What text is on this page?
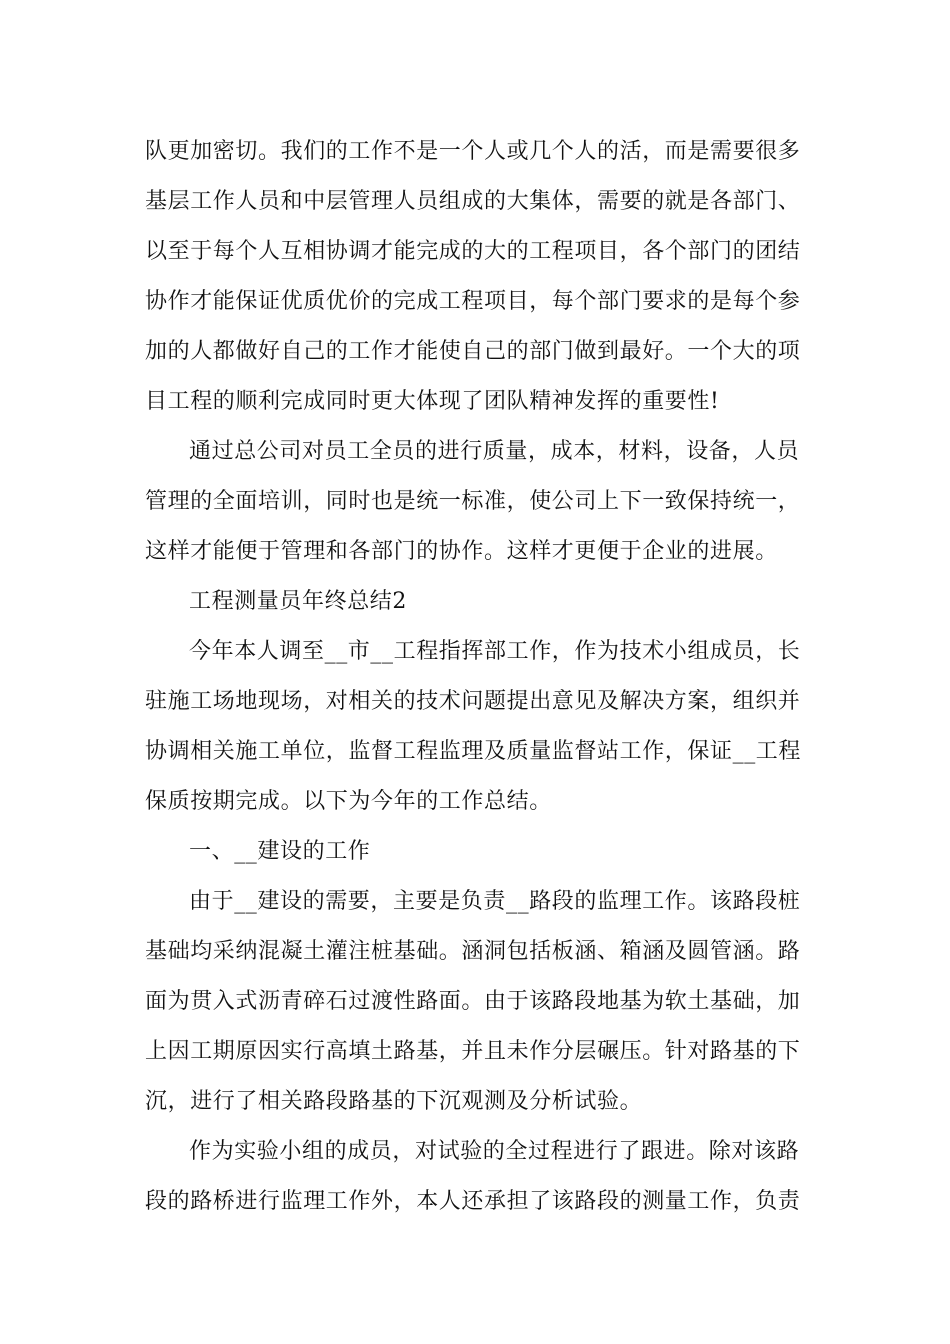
队更加密切。我们的工作不是一个人或几个人的活，而是需要很多
基层工作人员和中层管理人员组成的大集体，需要的就是各部门、
以至于每个人互相协调才能完成的大的工程项目，各个部门的团结
协作才能保证优质优价的完成工程项目，每个部门要求的是每个参
加的人都做好自己的工作才能使自己的部门做到最好。一个大的项
目工程的顺利完成同时更大体现了团队精神发挥的重要性!
通过总公司对员工全员的进行质量，成本，材料，设备，人员
管理的全面培训，同时也是统一标准，使公司上下一致保持统一，
这样才能便于管理和各部门的协作。这样才更便于企业的进展。
工程测量员年终总结2
今年本人调至__市__工程指挥部工作，作为技术小组成员，长
驻施工场地现场，对相关的技术问题提出意见及解决方案，组织并
协调相关施工单位，监督工程监理及质量监督站工作，保证__工程
保质按期完成。以下为今年的工作总结。
一、__建设的工作
由于__建设的需要，主要是负责__路段的监理工作。该路段桩
基础均采纳混凝土灌注桩基础。涵洞包括板涵、箱涵及圆管涵。路
面为贯入式沥青碎石过渡性路面。由于该路段地基为软土基础，加
上因工期原因实行高填土路基，并且未作分层碾压。针对路基的下
沉，进行了相关路段路基的下沉观测及分析试验。
作为实验小组的成员，对试验的全过程进行了跟进。除对该路
段的路桥进行监理工作外，本人还承担了该路段的测量工作，负责
